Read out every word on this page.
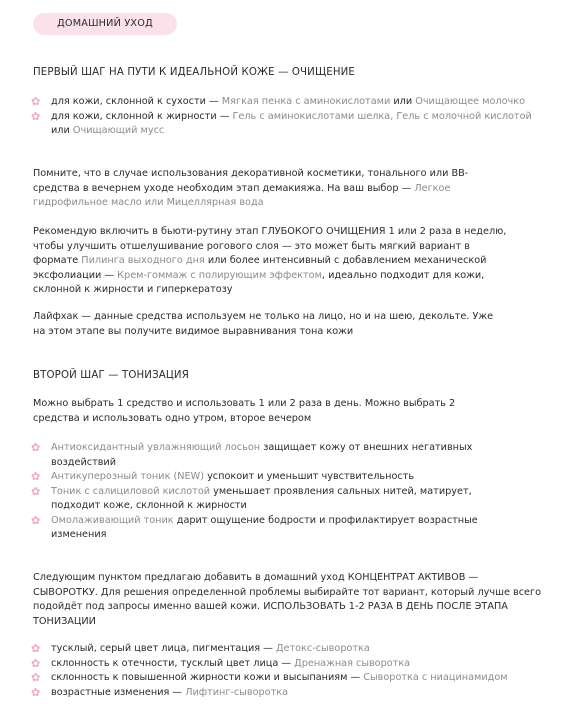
ДОМАШНИЙ УХОД
ПЕРВЫЙ ШАГ НА ПУТИ К ИДЕАЛЬНОЙ КОЖЕ — ОЧИЩЕНИЕ
✿ для кожи, склонной к сухости — Мягкая пенка с аминокислотами или Очищающее молочко
✿ для кожи, склонной к жирности — Гель с аминокислотами шелка, Гель с молочной кислотой или Очищающий мусс

Помните, что в случае использования декоративной косметики, тонального или BB-средства в вечернем уходе необходим этап демакияжа. На ваш выбор — Легкое гидрофильное масло или Мицеллярная вода

Рекомендую включить в бьюти-рутину этап ГЛУБОКОГО ОЧИЩЕНИЯ 1 или 2 раза в неделю, чтобы улучшить отшелушивание рогового слоя — это может быть мягкий вариант в формате Пилинга выходного дня или более интенсивный с добавлением механической эксфолиации — Крем-гоммаж с полирующим эффектом, идеально подходит для кожи, склонной к жирности и гиперкератозу

Лайфхак — данные средства используем не только на лицо, но и на шею, декольте. Уже на этом этапе вы получите видимое выравнивания тона кожи

ВТОРОЙ ШАГ — ТОНИЗАЦИЯ

Можно выбрать 1 средство и использовать 1 или 2 раза в день. Можно выбрать 2 средства и использовать одно утром, второе вечером

✿ Антиоксидантный увлажняющий лосьон защищает кожу от внешних негативных воздействий
✿ Антикуперозный тоник (NEW) успокоит и уменьшит чувствительность
✿ Тоник с салициловой кислотой уменьшает проявления сальных нитей, матирует, подходит коже, склонной к жирности
✿ Омолаживающий тоник дарит ощущение бодрости и профилактирует возрастные изменения

Следующим пунктом предлагаю добавить в домашний уход КОНЦЕНТРАТ АКТИВОВ — СЫВОРОТКУ. Для решения определенной проблемы выбирайте тот вариант, который лучше всего подойдёт под запросы именно вашей кожи. ИСПОЛЬЗОВАТЬ 1-2 РАЗА В ДЕНЬ ПОСЛЕ ЭТАПА ТОНИЗАЦИИ

✿ тусклый, серый цвет лица, пигментация — Детокс-сыворотка
✿ склонность к отечности, тусклый цвет лица — Дренажная сыворотка
✿ склонность к повышенной жирности кожи и высыпаниям — Сыворотка с ниацинамидом
✿ возрастные изменения — Лифтинг-сыворотка
